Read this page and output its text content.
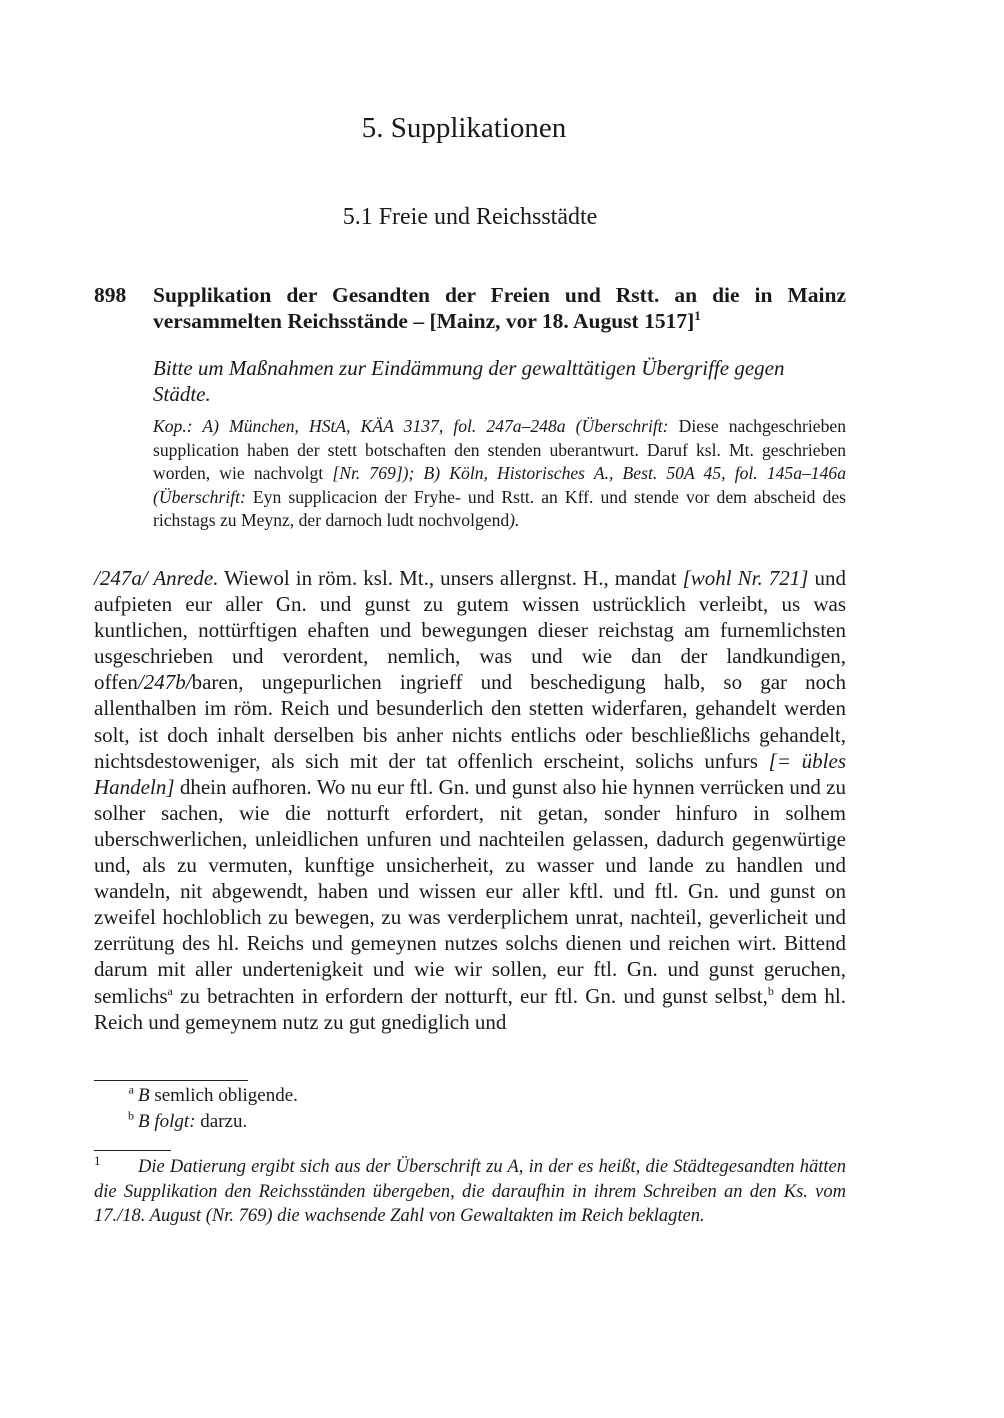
5. Supplikationen
5.1 Freie und Reichsstädte
898 Supplikation der Gesandten der Freien und Rstt. an die in Mainz versammelten Reichsstände – [Mainz, vor 18. August 1517]$^1$

Bitte um Maßnahmen zur Eindämmung der gewalttätigen Übergriffe gegen Städte.

Kop.: A) München, HStA, KÄA 3137, fol. 247a–248a (Überschrift: Diese nachgeschrieben supplication haben der stett botschaften den stenden uberantwurt. Daruf ksl. Mt. geschrieben worden, wie nachvolgt [Nr. 769]); B) Köln, Historisches A., Best. 50A 45, fol. 145a–146a (Überschrift: Eyn supplicacion der Fryhe- und Rstt. an Kff. und stende vor dem abscheid des richstags zu Meynz, der darnoch ludt nochvolgend).

/247a/ Anrede. Wiewol in röm. ksl. Mt., unsers allergnst. H., mandat [wohl Nr. 721] und aufpieten eur aller Gn. und gunst zu gutem wissen ustrücklich verleibt, us was kuntlichen, nottürftigen ehaften und bewegungen dieser reichstag am furnemlichsten usgeschrieben und verordent, nemlich, was und wie dan der landkundigen, offen/247b/baren, ungepurlichen ingrieff und beschedigung halb, so gar noch allenthalben im röm. Reich und besunderlich den stetten widerfaren, gehandelt werden solt, ist doch inhalt derselben bis anher nichts entlichs oder beschließlichs gehandelt, nichtsdestoweniger, als sich mit der tat offenlich erscheint, solichs unfurs [= übles Handeln] dhein aufhoren. Wo nu eur ftl. Gn. und gunst also hie hynnen verrücken und zu solher sachen, wie die notturft erfordert, nit getan, sonder hinfuro in solhem uberschwerlichen, unleidlichen unfuren und nachteilen gelassen, dadurch gegenwürtige und, als zu vermuten, kunftige unsicherheit, zu wasser und lande zu handlen und wandeln, nit abgewendt, haben und wissen eur aller kftl. und ftl. Gn. und gunst on zweifel hochloblich zu bewegen, zu was verderplichem unrat, nachteil, geverlicheit und zerrütung des hl. Reichs und gemeynen nutzes solchs dienen und reichen wirt. Bittend darum mit aller undertenigkeit und wie wir sollen, eur ftl. Gn. und gunst geruchen, semlichs$^a$ zu betrachten in erfordern der notturft, eur ftl. Gn. und gunst selbst,$^b$ dem hl. Reich und gemeynem nutz zu gut gnediglich und

$^a$ B semlich obligende.

$^b$ B folgt: darzu.

1 Die Datierung ergibt sich aus der Überschrift zu A, in der es heißt, die Städtegesandten hätten die Supplikation den Reichsständen übergeben, die daraufhin in ihrem Schreiben an den Ks. vom 17./18. August (Nr. 769) die wachsende Zahl von Gewaltakten im Reich beklagten.
